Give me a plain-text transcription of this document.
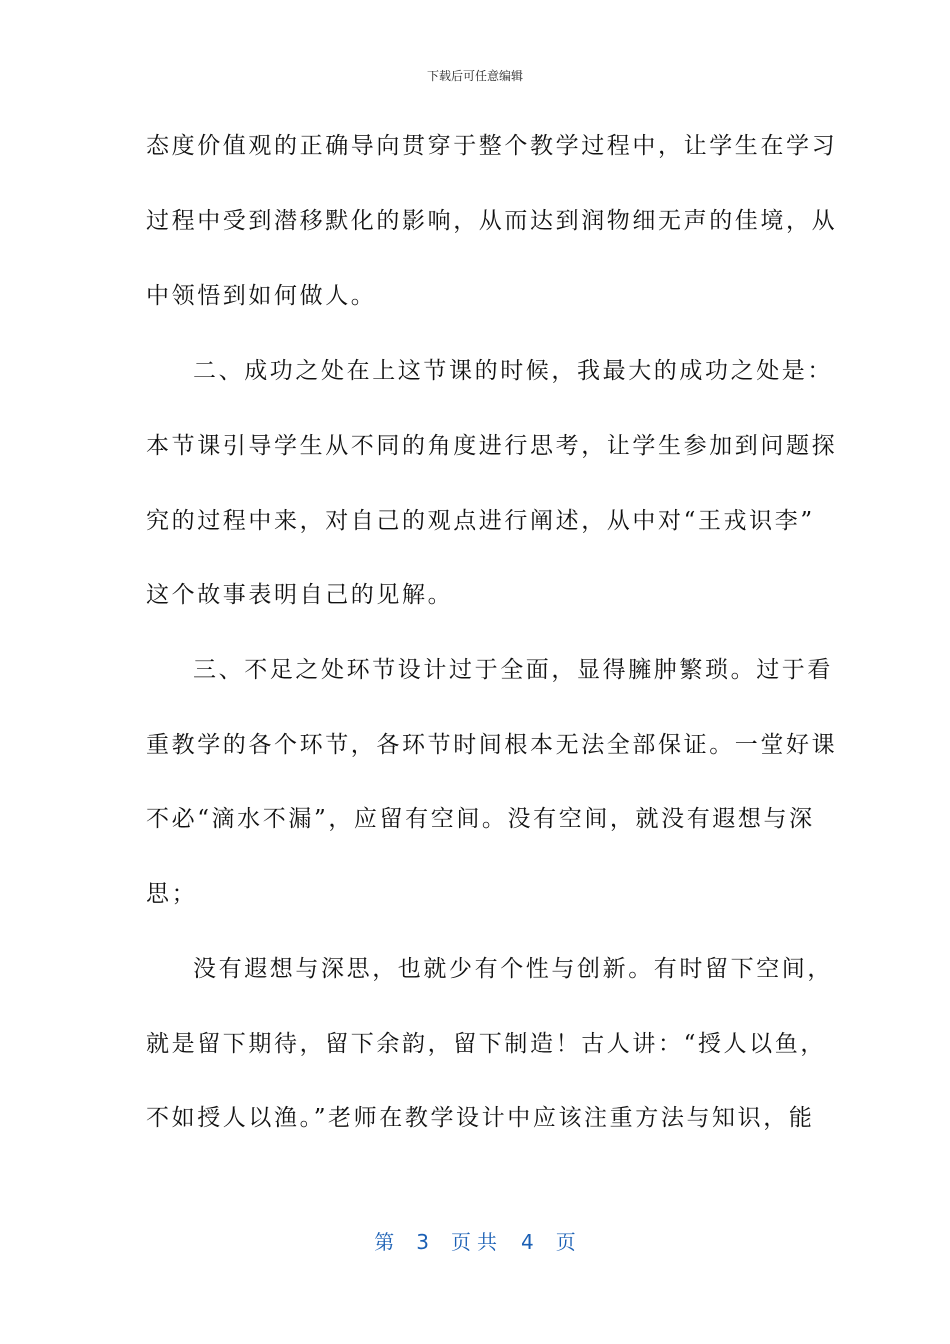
下载后可任意编辑
态度价值观的正确导向贯穿于整个教学过程中，让学生在学习
过程中受到潜移默化的影响，从而达到润物细无声的佳境，从
中领悟到如何做人。
二、成功之处在上这节课的时候，我最大的成功之处是：
本节课引导学生从不同的角度进行思考，让学生参加到问题探
究的过程中来，对自己的观点进行阐述，从中对“王戎识李”
这个故事表明自己的见解。
三、不足之处环节设计过于全面，显得臃肿繁琐。过于看
重教学的各个环节，各环节时间根本无法全部保证。一堂好课
不必“滴水不漏”，应留有空间。没有空间，就没有遐想与深
思；
没有遐想与深思，也就少有个性与创新。有时留下空间，
就是留下期待，留下余韵，留下制造！古人讲：“授人以鱼，
不如授人以渔。”老师在教学设计中应该注重方法与知识，能
第 3 页共 4 页
